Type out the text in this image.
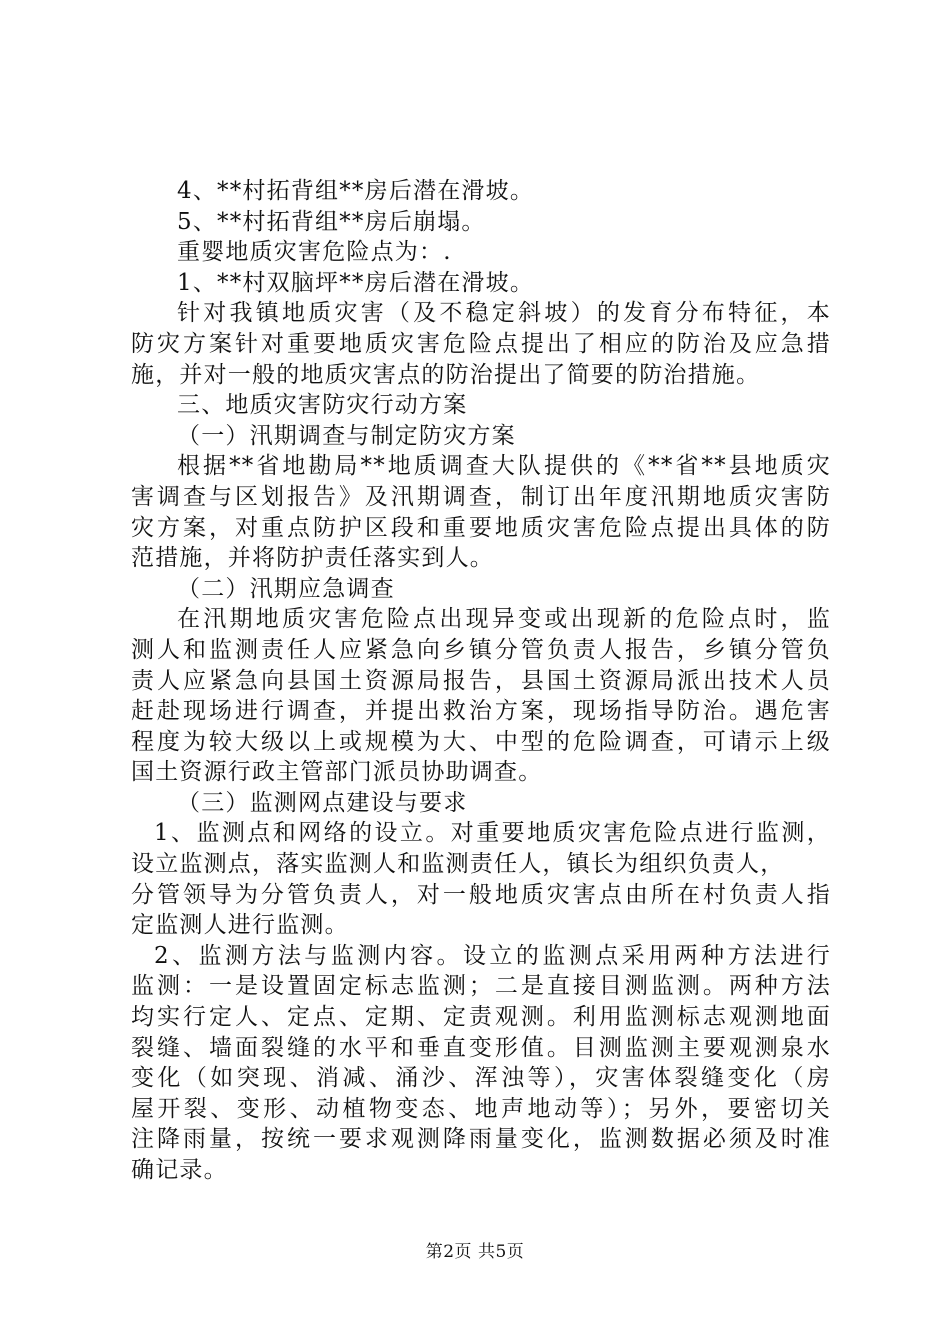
4、**村拓背组**房后潜在滑坡。
5、**村拓背组**房后崩塌。
重婴地质灾害危险点为：.
1、**村双脑坪**房后潜在滑坡。
针对我镇地质灾害（及不稳定斜坡）的发育分布特征，本
防灾方案针对重要地质灾害危险点提出了相应的防治及应急措
施，并对一般的地质灾害点的防治提出了简要的防治措施。
三、地质灾害防灾行动方案
（一）汛期调查与制定防灾方案
根据**省地勘局**地质调查大队提供的《**省**县地质灾
害调查与区划报告》及汛期调查，制订出年度汛期地质灾害防
灾方案，对重点防护区段和重要地质灾害危险点提出具体的防
范措施，并将防护责任落实到人。
（二）汛期应急调查
在汛期地质灾害危险点出现异变或出现新的危险点时，监
测人和监测责任人应紧急向乡镇分管负责人报告，乡镇分管负
责人应紧急向县国土资源局报告，县国土资源局派出技术人员
赶赴现场进行调查，并提出救治方案，现场指导防治。遇危害
程度为较大级以上或规模为大、中型的危险调查，可请示上级
国土资源行政主管部门派员协助调查。
（三）监测网点建设与要求
1、监测点和网络的设立。对重要地质灾害危险点进行监测，
设立监测点，落实监测人和监测责任人，镇长为组织负责人，
分管领导为分管负责人，对一般地质灾害点由所在村负责人指
定监测人进行监测。
2、监测方法与监测内容。设立的监测点采用两种方法进行
监测：一是设置固定标志监测；二是直接目测监测。两种方法
均实行定人、定点、定期、定责观测。利用监测标志观测地面
裂缝、墙面裂缝的水平和垂直变形值。目测监测主要观测泉水
变化（如突现、消减、涌沙、浑浊等），灾害体裂缝变化（房
屋开裂、变形、动植物变态、地声地动等）；另外，要密切关
注降雨量，按统一要求观测降雨量变化，监测数据必须及时准
确记录。
第2页 共5页
